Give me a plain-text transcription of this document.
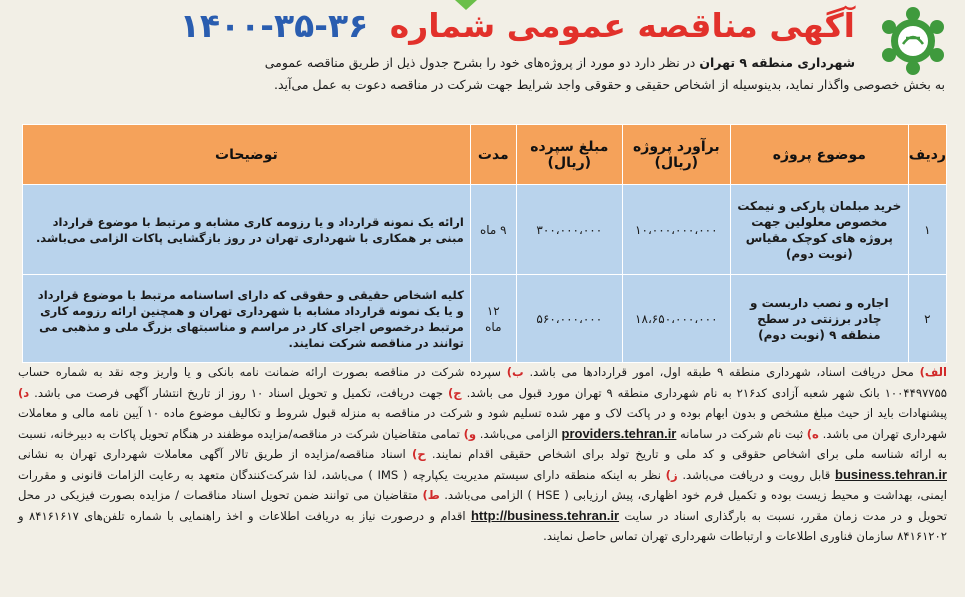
آگهی مناقصه عمومی شماره ۳۶-۳۵-۱۴۰۰
شهرداری منطقه ۹ تهران در نظر دارد دو مورد از پروژه‌های خود را بشرح جدول ذیل از طریق مناقصه عمومی
به بخش خصوصی واگذار نماید، بدینوسیله از اشخاص حقیقی و حقوقی واجد شرایط جهت شرکت در مناقصه دعوت به عمل می‌آید.
ردیف	موضوع پروژه	برآورد پروژه (ریال)	مبلغ سپرده (ریال)	مدت	توضیحات
۱	خرید مبلمان پارکی و نیمکت مخصوص معلولین جهت پروژه های کوچک مقیاس (نوبت دوم)	۱۰،۰۰۰،۰۰۰،۰۰۰	۳۰۰،۰۰۰،۰۰۰	۹ ماه	ارائه یک نمونه قرارداد و یا رزومه کاری مشابه و مرتبط با موضوع قرارداد مبنی بر همکاری با شهرداری تهران در روز بازگشایی پاکات الزامی می‌باشد.
۲	اجاره و نصب داربست و چادر برزنتی در سطح منطقه ۹ (نوبت دوم)	۱۸،۶۵۰،۰۰۰،۰۰۰	۵۶۰،۰۰۰،۰۰۰	۱۲ ماه	کلیه اشخاص حقیقی و حقوقی که دارای اساسنامه مرتبط با موضوع قرارداد و یا یک نمونه قرارداد مشابه با شهرداری تهران و همچنین ارائه رزومه کاری مرتبط درخصوص اجرای کار در مراسم و مناسبتهای بزرگ ملی و مذهبی می توانند در مناقصه شرکت نمایند.
الف) محل دریافت اسناد، شهرداری منطقه ۹ طبقه اول، امور قراردادها می باشد. ب) سپرده شرکت در مناقصه بصورت ارائه ضمانت نامه بانکی و یا واریز وجه نقد به شماره حساب ۱۰۰۴۴۹۷۷۵۵ بانک شهر شعبه آزادی کد۲۱۶ به نام شهرداری منطقه ۹ تهران مورد قبول می باشد. ج) جهت دریافت، تکمیل و تحویل اسناد ۱۰ روز از تاریخ انتشار آگهی فرصت می باشد. د) پیشنهادات باید از حیث مبلغ مشخص و بدون ابهام بوده و در پاکت لاک و مهر شده تسلیم شود و شرکت در مناقصه به منزله قبول شروط و تکالیف موضوع ماده ۱۰ آیین نامه مالی و معاملات شهرداری تهران می باشد. ه) ثبت نام شرکت در سامانه providers.tehran.ir الزامی می‌باشد. و) تمامی متقاضیان شرکت در مناقصه/مزایده موظفند در هنگام تحویل پاکات به دبیرخانه، نسبت به ارائه شناسه ملی برای اشخاص حقوقی و کد ملی و تاریخ تولد برای اشخاص حقیقی اقدام نمایند. ح) اسناد مناقصه/مزایده از طریق تالار آگهی معاملات شهرداری تهران به نشانی business.tehran.ir قابل رویت و دریافت می‌باشد. ز) نظر به اینکه منطقه دارای سیستم مدیریت یکپارچه ( IMS ) می‌باشد، لذا شرکت‌کنندگان متعهد به رعایت الزامات قانونی و مقررات ایمنی، بهداشت و محیط زیست بوده و تکمیل فرم خود اظهاری، پیش ارزیابی ( HSE ) الزامی می‌باشد. ط) متقاضیان می توانند ضمن تحویل اسناد مناقصات / مزایده بصورت فیزیکی در محل تحویل و در مدت زمان مقرر، نسبت به بارگذاری اسناد در سایت http://business.tehran.ir اقدام و درصورت نیاز به دریافت اطلاعات و اخذ راهنمایی با شماره تلفن‌های ۸۴۱۶۱۶۱۷ و ۸۴۱۶۱۲۰۲ سازمان فناوری اطلاعات و ارتباطات شهرداری تهران تماس حاصل نمایند.
